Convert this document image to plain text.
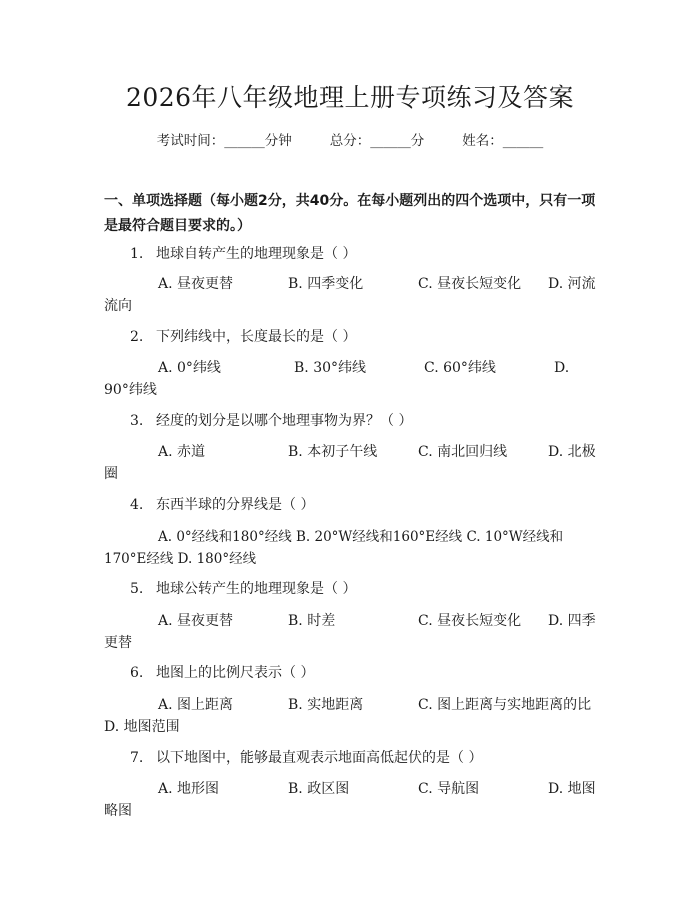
2026年八年级地理上册专项练习及答案
考试时间：______分钟	总分：______分	姓名：______
一、单项选择题（每小题2分，共40分。在每小题列出的四个选项中，只有一项
是最符合题目要求的。）
1. 地球自转产生的地理现象是（ ）
A. 昼夜更替	B. 四季变化	C. 昼夜长短变化 D. 河流
流向
2. 下列纬线中，长度最长的是（ ）
A. 0°纬线	B. 30°纬线	C. 60°纬线	D.
90°纬线
3. 经度的划分是以哪个地理事物为界？（ ）
A. 赤道	B. 本初子午线	C. 南北回归线	D. 北极
圈
4. 东西半球的分界线是（ ）
A. 0°经线和180°经线 B. 20°W经线和160°E经线 C. 10°W经线和
170°E经线 D. 180°经线
5. 地球公转产生的地理现象是（ ）
A. 昼夜更替	B. 时差	C. 昼夜长短变化 D. 四季
更替
6. 地图上的比例尺表示（ ）
A. 图上距离	B. 实地距离	C. 图上距离与实地距离的比
D. 地图范围
7. 以下地图中，能够最直观表示地面高低起伏的是（ ）
A. 地形图	B. 政区图	C. 导航图	D. 地图
略图
